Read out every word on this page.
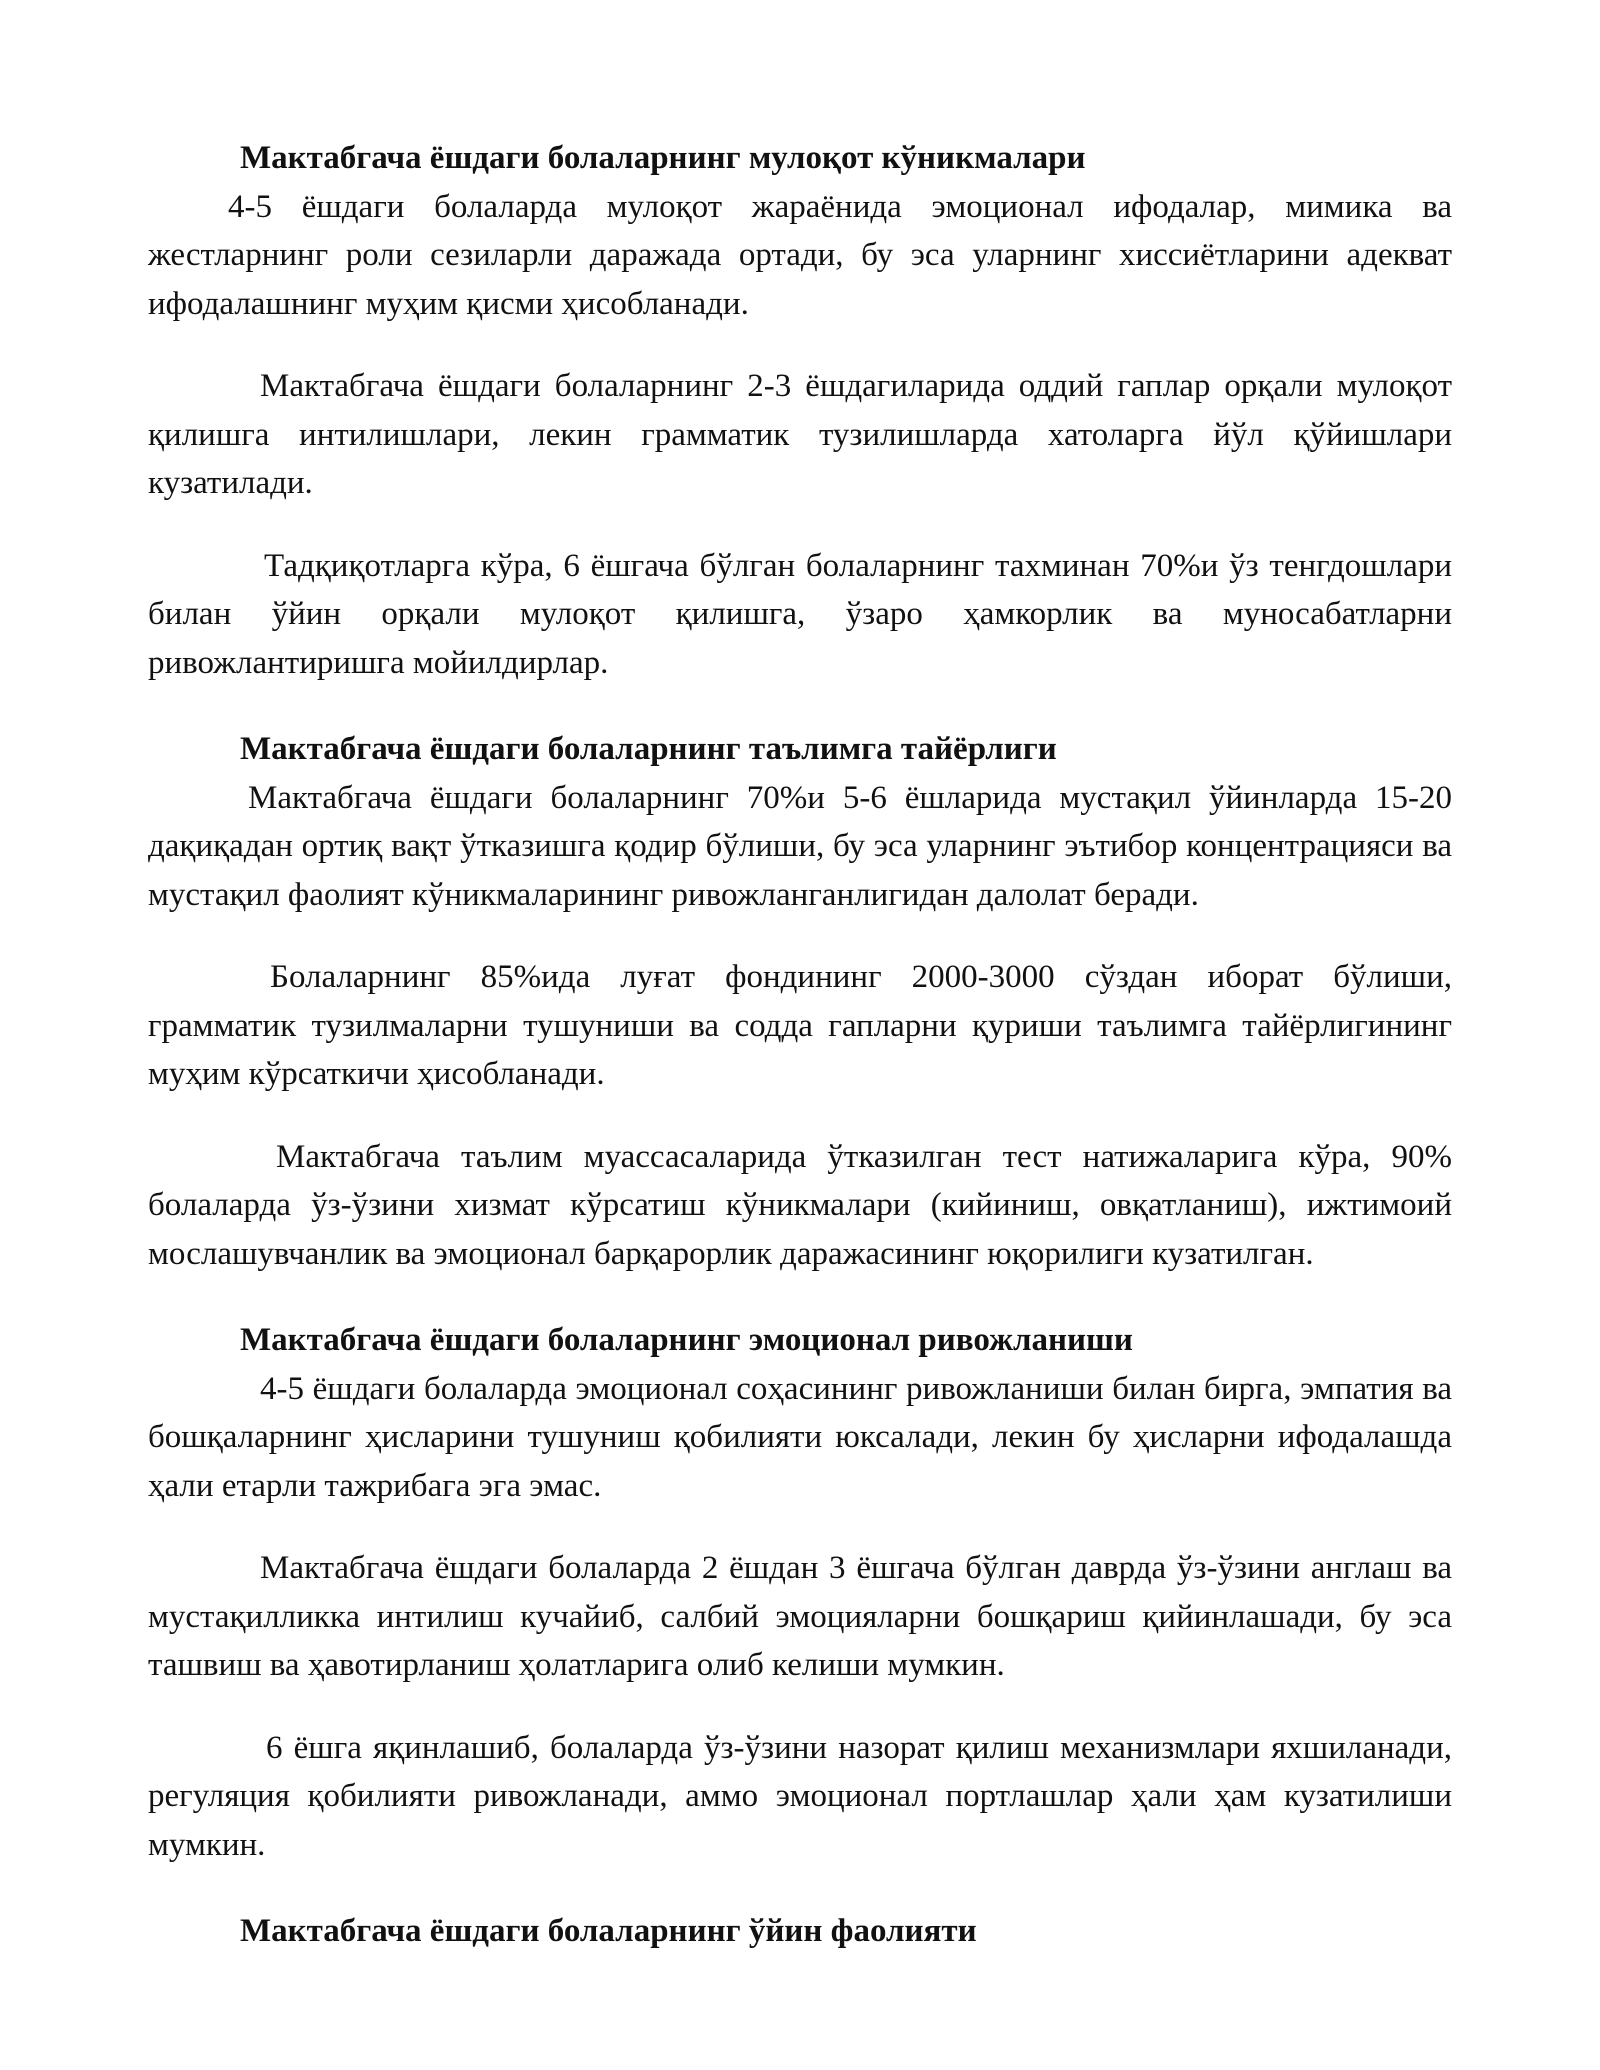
Мактабгача ёшдаги болаларнинг мулоқот кўникмалари

4-5 ёшдаги болаларда мулоқот жараёнида эмоционал ифодалар, мимика ва жестларнинг роли сезиларли даражада ортади, бу эса уларнинг хиссиётларини адекват ифодалашнинг муҳим қисми ҳисобланади.

Мактабгача ёшдаги болаларнинг 2-3 ёшдагиларида оддий гаплар орқали мулоқот қилишга интилишлари, лекин грамматик тузилишларда хатоларга йўл қўйишлари кузатилади.

Тадқиқотларга кўра, 6 ёшгача бўлган болаларнинг тахминан 70%и ўз тенгдошлари билан ўйин орқали мулоқот қилишга, ўзаро ҳамкорлик ва муносабатларни ривожлантиришга мойилдирлар.

Мактабгача ёшдаги болаларнинг таълимга тайёрлиги

Мактабгача ёшдаги болаларнинг 70%и 5-6 ёшларида мустақил ўйинларда 15-20 дақиқадан ортиқ вақт ўтказишга қодир бўлиши, бу эса уларнинг эътибор концентрацияси ва мустақил фаолият кўникмаларининг ривожланганлигидан далолат беради.

Болаларнинг 85%ида луғат фондининг 2000-3000 сўздан иборат бўлиши, грамматик тузилмаларни тушуниши ва содда гапларни қуриши таълимга тайёрлигининг муҳим кўрсаткичи ҳисобланади.

Мактабгача таълим муассасаларида ўтказилган тест натижаларига кўра, 90% болаларда ўз-ўзини хизмат кўрсатиш кўникмалари (кийиниш, овқатланиш), ижтимоий мослашувчанлик ва эмоционал барқарорлик даражасининг юқорилиги кузатилган.

Мактабгача ёшдаги болаларнинг эмоционал ривожланиши

4-5 ёшдаги болаларда эмоционал соҳасининг ривожланиши билан бирга, эмпатия ва бошқаларнинг ҳисларини тушуниш қобилияти юксалади, лекин бу ҳисларни ифодалашда ҳали етарли тажрибага эга эмас.

Мактабгача ёшдаги болаларда 2 ёшдан 3 ёшгача бўлган даврда ўз-ўзини англаш ва мустақилликка интилиш кучайиб, салбий эмоцияларни бошқариш қийинлашади, бу эса ташвиш ва ҳавотирланиш ҳолатларига олиб келиши мумкин.

6 ёшга яқинлашиб, болаларда ўз-ўзини назорат қилиш механизмлари яхшиланади, регуляция қобилияти ривожланади, аммо эмоционал портлашлар ҳали ҳам кузатилиши мумкин.

Мактабгача ёшдаги болаларнинг ўйин фаолияти
